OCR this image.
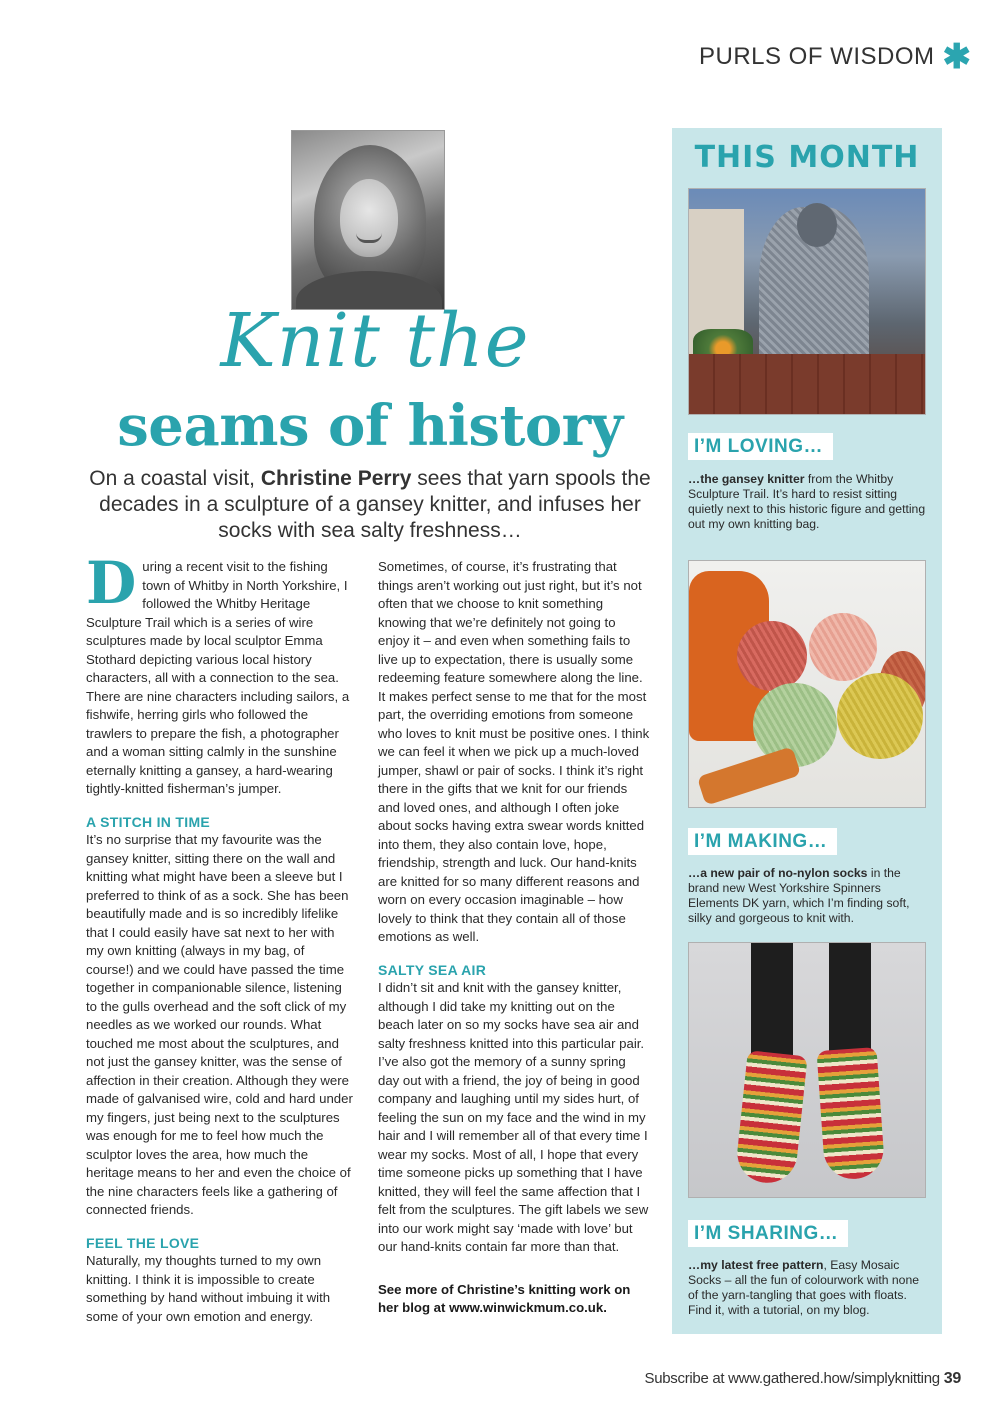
PURLS OF WISDOM ✱
Knit the
seams of history
On a coastal visit, Christine Perry sees that yarn spools the decades in a sculpture of a gansey knitter, and infuses her socks with sea salty freshness…

During a recent visit to the fishing town of Whitby in North Yorkshire, I followed the Whitby Heritage Sculpture Trail which is a series of wire sculptures made by local sculptor Emma Stothard depicting various local history characters, all with a connection to the sea. There are nine characters including sailors, a fishwife, herring girls who followed the trawlers to prepare the fish, a photographer and a woman sitting calmly in the sunshine eternally knitting a gansey, a hard-wearing tightly-knitted fisherman’s jumper.

A STITCH IN TIME

It’s no surprise that my favourite was the gansey knitter, sitting there on the wall and knitting what might have been a sleeve but I preferred to think of as a sock. She has been beautifully made and is so incredibly lifelike that I could easily have sat next to her with my own knitting (always in my bag, of course!) and we could have passed the time together in companionable silence, listening to the gulls overhead and the soft click of my needles as we worked our rounds. What touched me most about the sculptures, and not just the gansey knitter, was the sense of affection in their creation. Although they were made of galvanised wire, cold and hard under my fingers, just being next to the sculptures was enough for me to feel how much the sculptor loves the area, how much the heritage means to her and even the choice of the nine characters feels like a gathering of connected friends.

FEEL THE LOVE

Naturally, my thoughts turned to my own knitting. I think it is impossible to create something by hand without imbuing it with some of your own emotion and energy.

Sometimes, of course, it’s frustrating that things aren’t working out just right, but it’s not often that we choose to knit something knowing that we’re definitely not going to enjoy it – and even when something fails to live up to expectation, there is usually some redeeming feature somewhere along the line. It makes perfect sense to me that for the most part, the overriding emotions from someone who loves to knit must be positive ones. I think we can feel it when we pick up a much-loved jumper, shawl or pair of socks. I think it’s right there in the gifts that we knit for our friends and loved ones, and although I often joke about socks having extra swear words knitted into them, they also contain love, hope, friendship, strength and luck. Our hand-knits are knitted for so many different reasons and worn on every occasion imaginable – how lovely to think that they contain all of those emotions as well.

SALTY SEA AIR

I didn’t sit and knit with the gansey knitter, although I did take my knitting out on the beach later on so my socks have sea air and salty freshness knitted into this particular pair. I’ve also got the memory of a sunny spring day out with a friend, the joy of being in good company and laughing until my sides hurt, of feeling the sun on my face and the wind in my hair and I will remember all of that every time I wear my socks. Most of all, I hope that every time someone picks up something that I have knitted, they will feel the same affection that I felt from the sculptures. The gift labels we sew into our work might say ‘made with love’ but our hand-knits contain far more than that.

See more of Christine’s knitting work on her blog at www.winwickmum.co.uk.

THIS MONTH
I’M LOVING…
…the gansey knitter from the Whitby Sculpture Trail. It’s hard to resist sitting quietly next to this historic figure and getting out my own knitting bag.
I’M MAKING…
…a new pair of no-nylon socks in the brand new West Yorkshire Spinners Elements DK yarn, which I’m finding soft, silky and gorgeous to knit with.
I’M SHARING…
…my latest free pattern, Easy Mosaic Socks – all the fun of colourwork with none of the yarn-tangling that goes with floats. Find it, with a tutorial, on my blog.
Subscribe at www.gathered.how/simplyknitting 39
